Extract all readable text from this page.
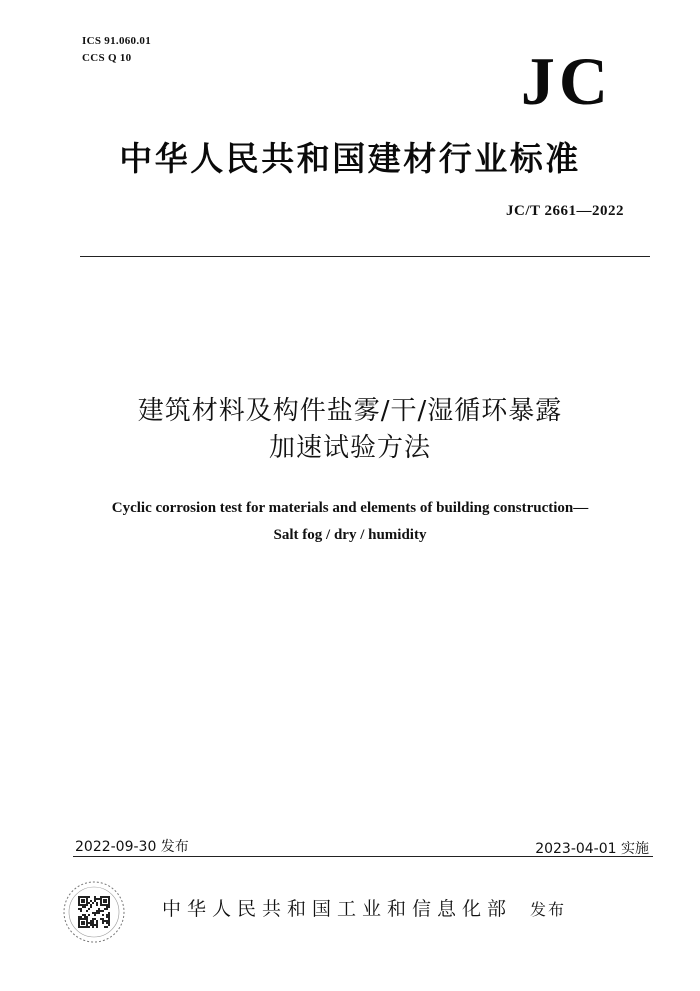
ICS 91.060.01
CCS Q 10	JC
中华人民共和国建材行业标准
JC/T 2661—2022
建筑材料及构件盐雾/干/湿循环暴露
加速试验方法
Cyclic corrosion test for materials and elements of building construction—
Salt fog / dry / humidity
2022-09-30 发布	2023-04-01 实施
中华人民共和国工业和信息化部 发布
